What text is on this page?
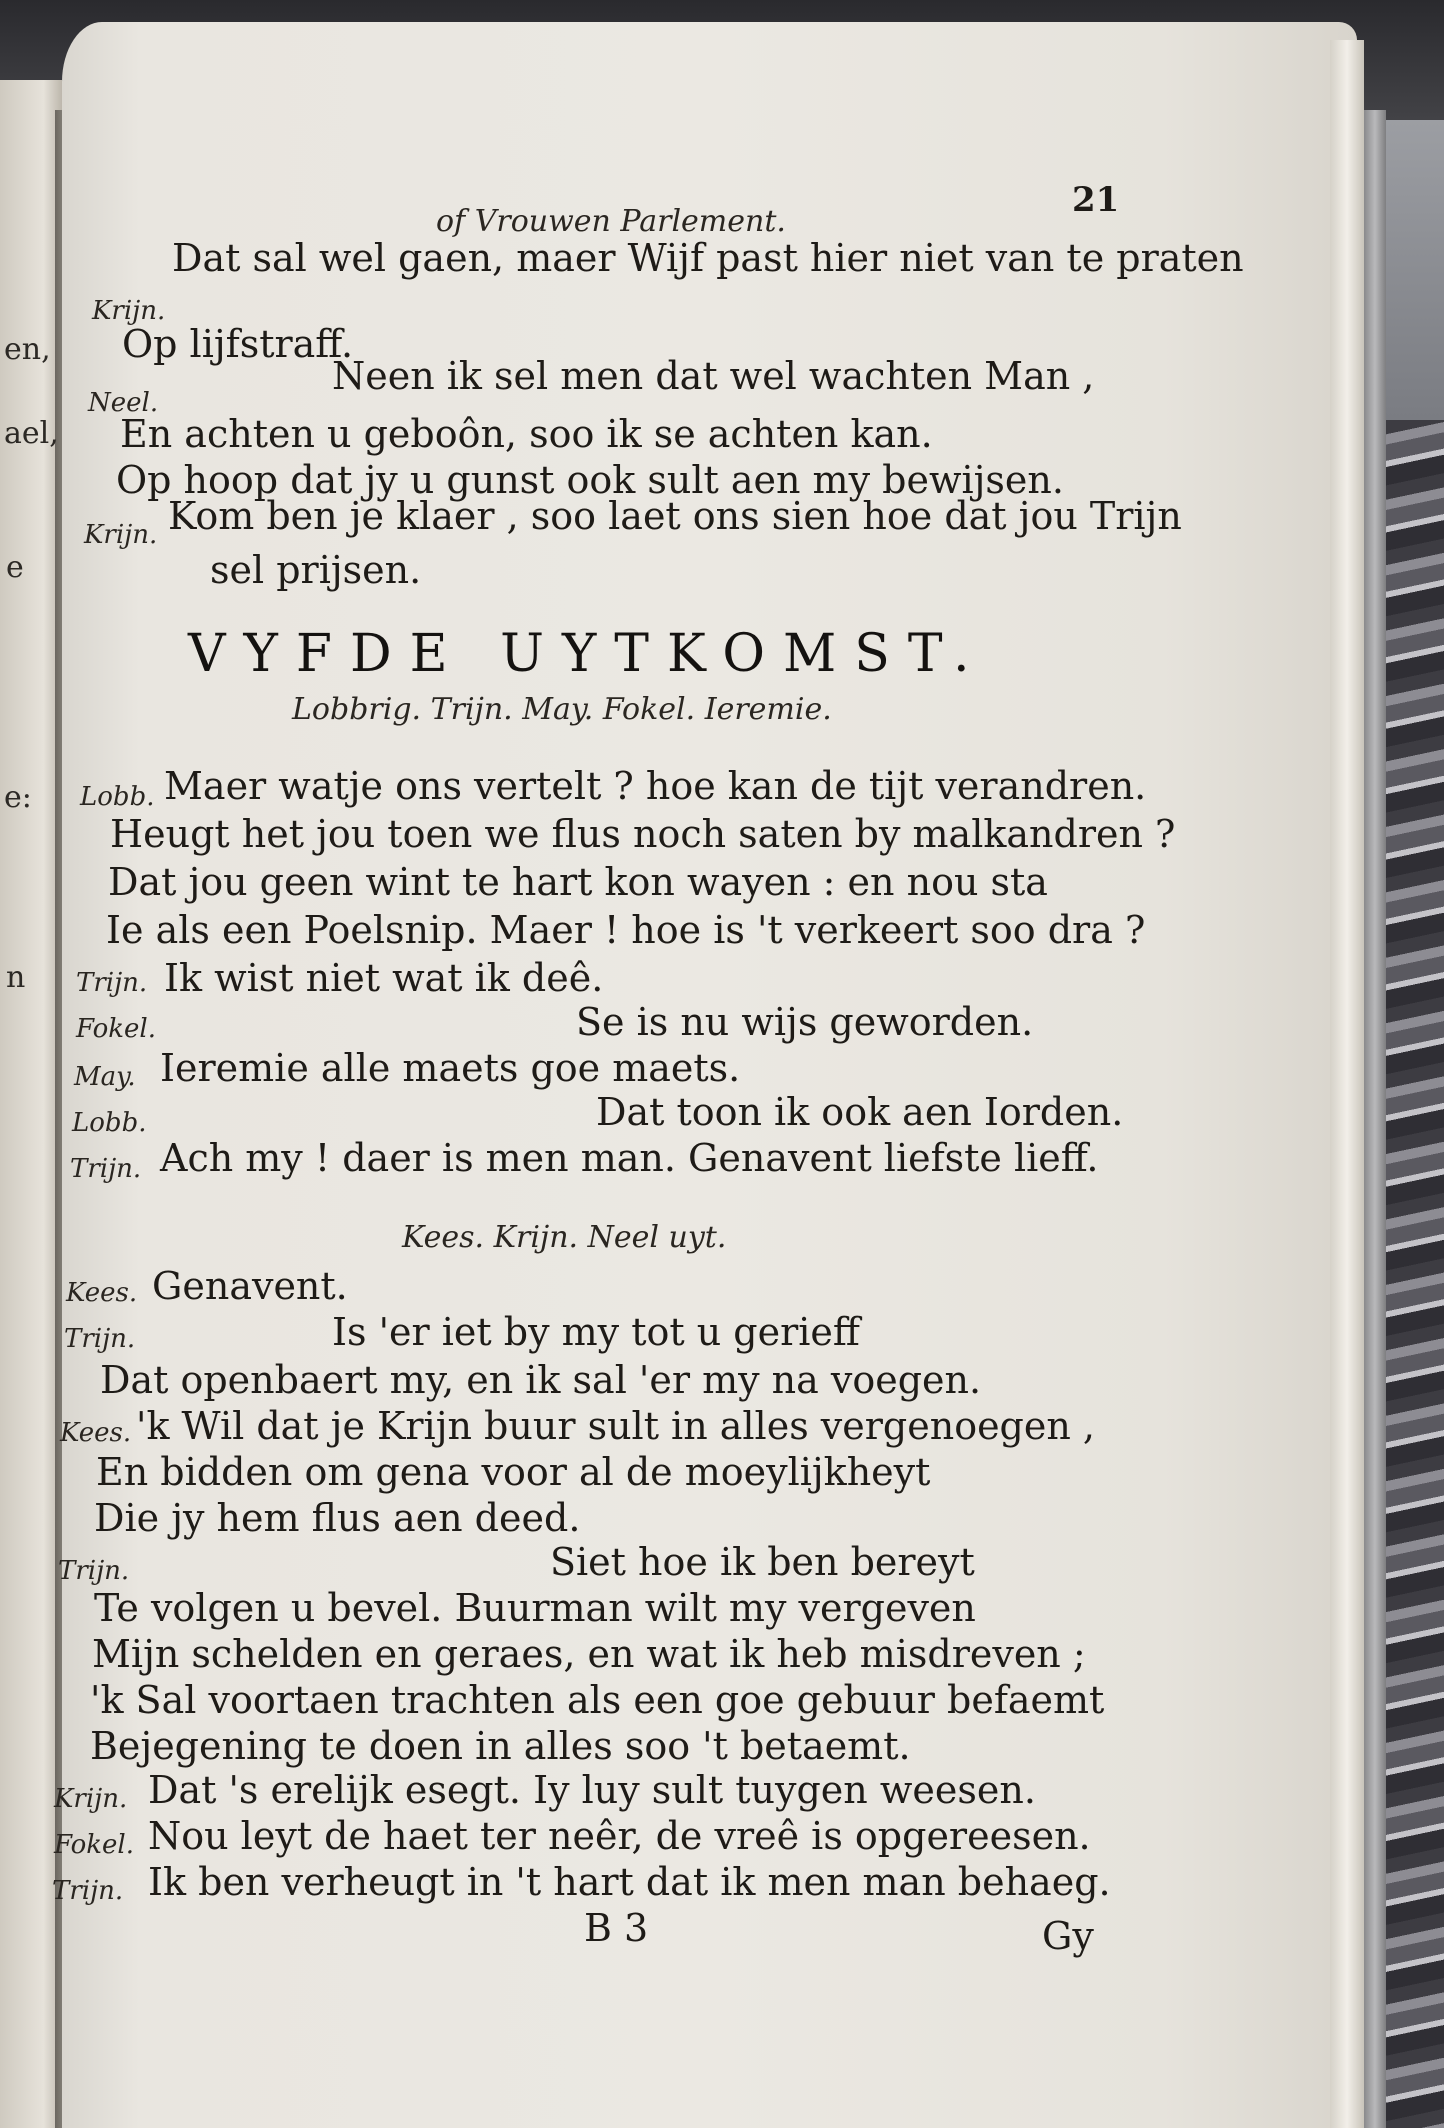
en,
ael,
e
e:
n
of Vrouwen Parlement.
21
Krijn.
Dat sal wel gaen, maer Wijf past hier niet van te praten
Op lijfstraff.
Neel.
Neen ik sel men dat wel wachten Man ,
En achten u geboôn, soo ik se achten kan.
Op hoop dat jy u gunst ook sult aen my bewijsen.
Krijn. Kom ben je klaer , soo laet ons sien hoe dat jou Trijn
sel prijsen.
VYFDE UYTKOMST.
Lobbrig. Trijn. May. Fokel. Ieremie.
Lobb. Maer watje ons vertelt ? hoe kan de tijt verandren.
Heugt het jou toen we flus noch saten by malkandren ?
Dat jou geen wint te hart kon wayen : en nou sta
Ie als een Poelsnip. Maer ! hoe is 't verkeert soo dra ?
Trijn. Ik wist niet wat ik deê.
Fokel.	Se is nu wijs geworden.
May. Ieremie alle maets goe maets.
Lobb.	Dat toon ik ook aen Iorden.
Trijn. Ach my ! daer is men man. Genavent liefste lieff.
Kees. Krijn. Neel uyt.
Kees. Genavent.
Trijn.	Is 'er iet by my tot u gerieff
Dat openbaert my, en ik sal 'er my na voegen.
Kees. 'k Wil dat je Krijn buur sult in alles vergenoegen ,
En bidden om gena voor al de moeylijkheyt
Die jy hem flus aen deed.
Trijn.	Siet hoe ik ben bereyt
Te volgen u bevel. Buurman wilt my vergeven
Mijn schelden en geraes, en wat ik heb misdreven ;
'k Sal voortaen trachten als een goe gebuur befaemt
Bejegening te doen in alles soo 't betaemt.
Krijn. Dat 's erelijk esegt. Iy luy sult tuygen weesen.
Fokel. Nou leyt de haet ter neêr, de vreê is opgereesen.
Trijn. Ik ben verheugt in 't hart dat ik men man behaeg.
B 3	Gy
